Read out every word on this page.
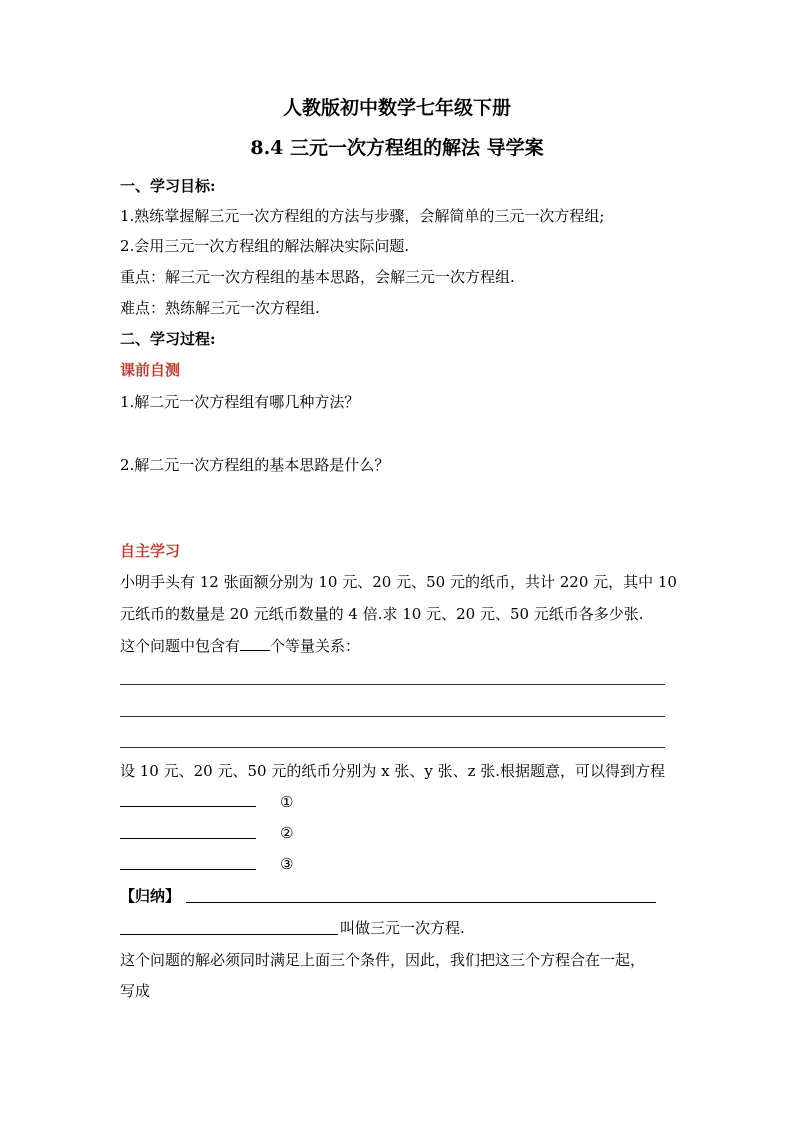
人教版初中数学七年级下册
8.4 三元一次方程组的解法 导学案
一、学习目标:
1.熟练掌握解三元一次方程组的方法与步骤，会解简单的三元一次方程组;
2.会用三元一次方程组的解法解决实际问题.
重点：解三元一次方程组的基本思路，会解三元一次方程组.
难点：熟练解三元一次方程组.
二、学习过程:
课前自测
1.解二元一次方程组有哪几种方法？
2.解二元一次方程组的基本思路是什么？
自主学习
小明手头有 12 张面额分别为 10 元、20 元、50 元的纸币，共计 220 元，其中 10
元纸币的数量是 20 元纸币数量的 4 倍.求 10 元、20 元、50 元纸币各多少张.
这个问题中包含有 个等量关系：
设 10 元、20 元、50 元的纸币分别为 x 张、y 张、z 张.根据题意，可以得到方程
①
②
③
【归纳】
叫做三元一次方程.
这个问题的解必须同时满足上面三个条件，因此，我们把这三个方程合在一起，
写成
